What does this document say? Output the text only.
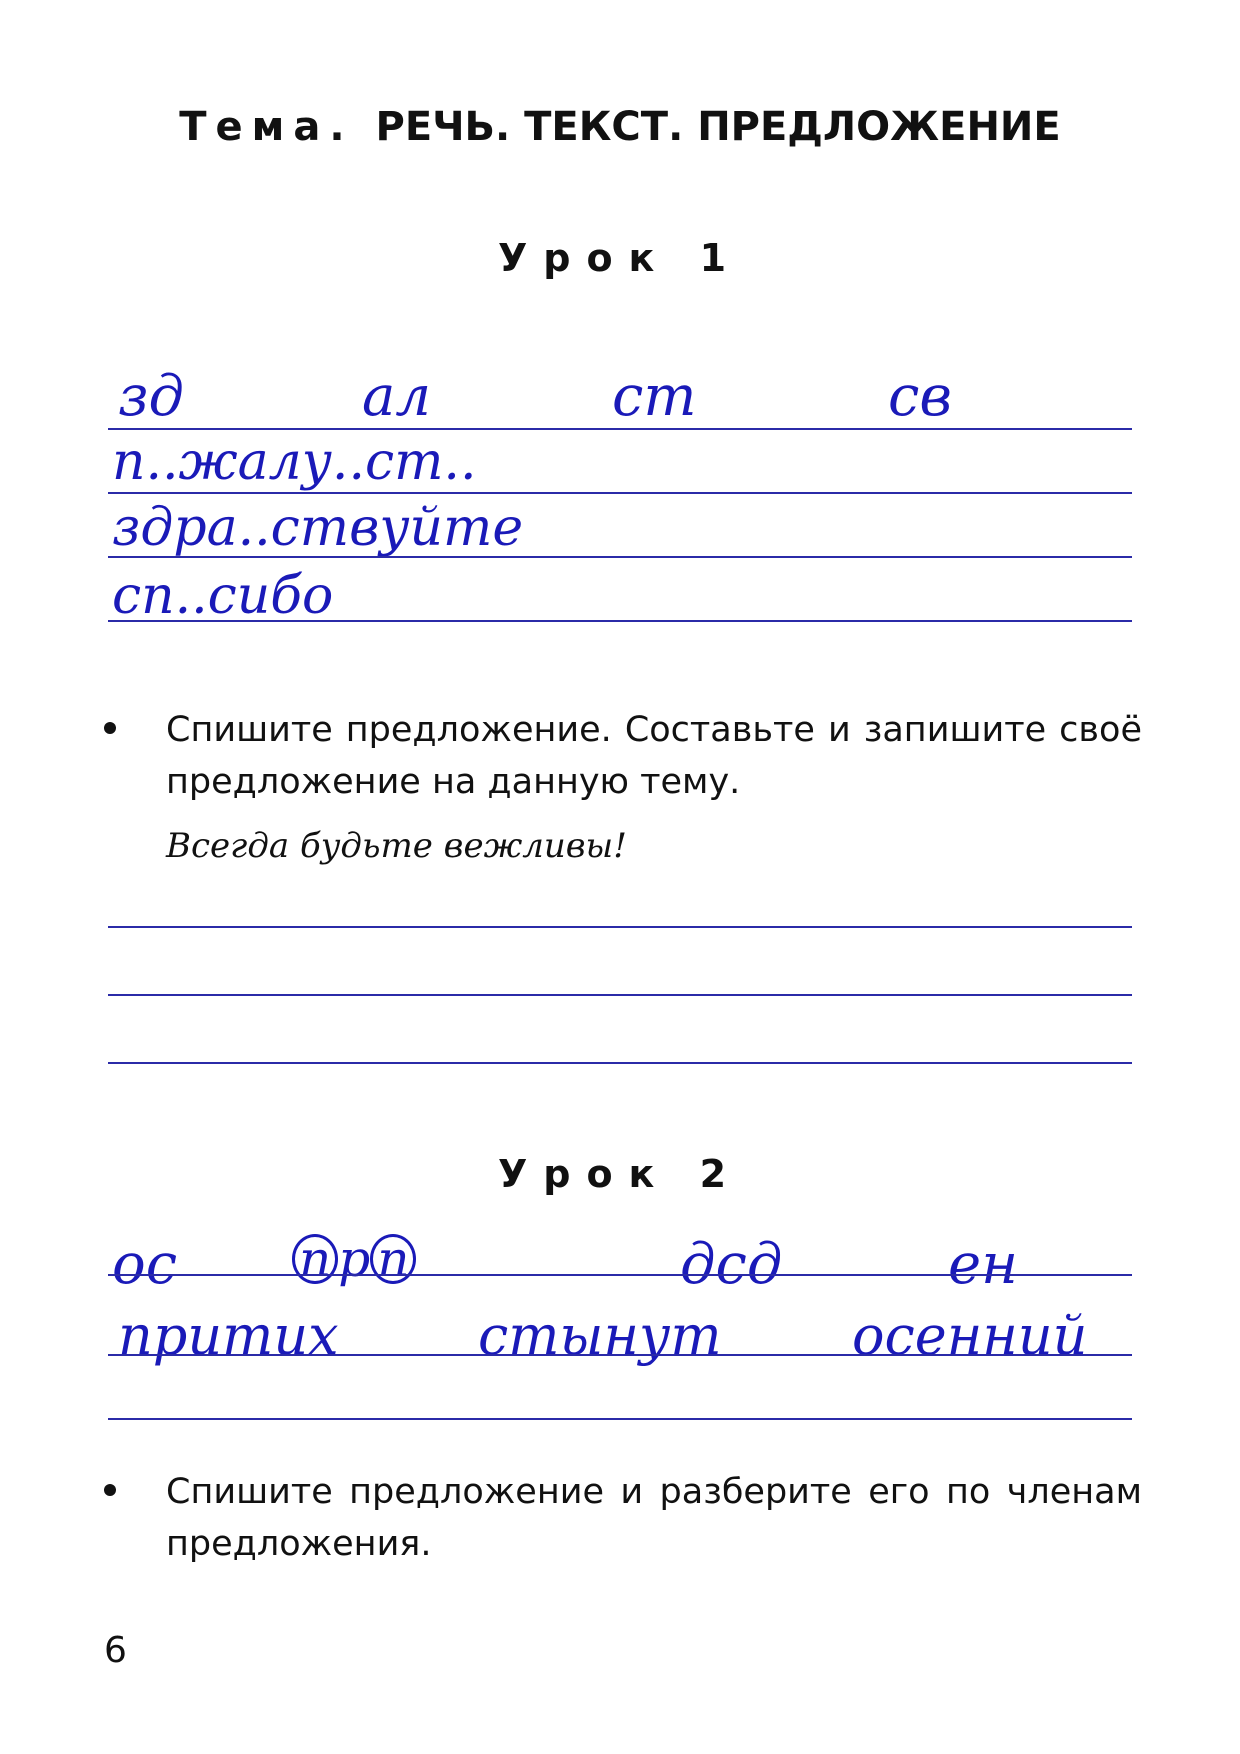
Тема. РЕЧЬ. ТЕКСТ. ПРЕДЛОЖЕНИЕ
Урок 1
зд	ал	ст	св
п..жалу..ст..
здра..ствуйте
сп..сибо
Спишите предложение. Составьте и запишите своё предложение на данную тему.
Всегда будьте вежливы!
Урок 2
ос п р п	дсд	ен
притих	стынут осенний
Спишите предложение и разберите его по членам предложения.
6
